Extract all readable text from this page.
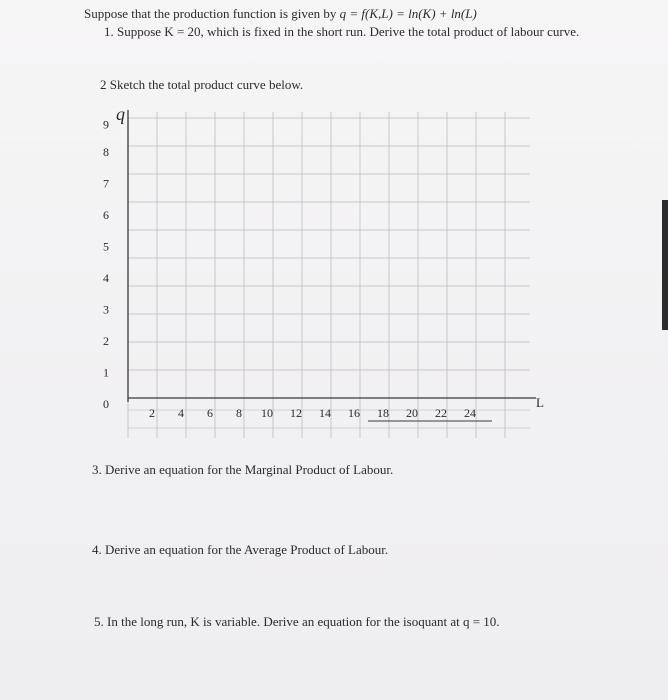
Suppose that the production function is given by q = f(K,L) = ln(K) + ln(L)
1. Suppose K = 20, which is fixed in the short run. Derive the total product of labour curve.
2 Sketch the total product curve below.
0
1
2
3
4
5
6
7
8
9
2 4 6 8 10 12 14 16 18 20 22 24
q
L
3. Derive an equation for the Marginal Product of Labour.
4. Derive an equation for the Average Product of Labour.
5. In the long run, K is variable. Derive an equation for the isoquant at q = 10.
